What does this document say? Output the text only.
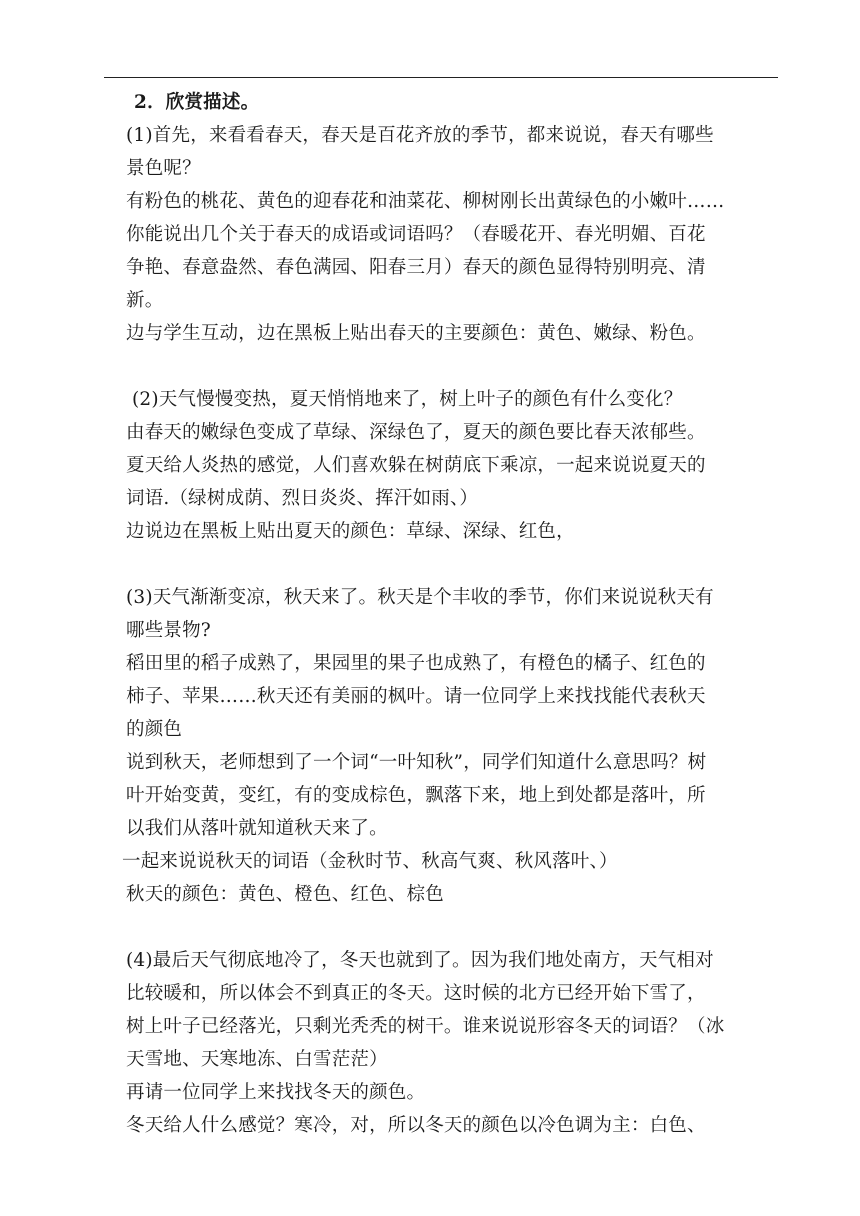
2．欣赏描述。
(1)首先，来看看春天，春天是百花齐放的季节，都来说说，春天有哪些
景色呢？
有粉色的桃花、黄色的迎春花和油菜花、柳树刚长出黄绿色的小嫩叶……
你能说出几个关于春天的成语或词语吗？（春暖花开、春光明媚、百花
争艳、春意盎然、春色满园、阳春三月）春天的颜色显得特别明亮、清
新。
边与学生互动，边在黑板上贴出春天的主要颜色：黄色、嫩绿、粉色。
(2)天气慢慢变热，夏天悄悄地来了，树上叶子的颜色有什么变化？
由春天的嫩绿色变成了草绿、深绿色了，夏天的颜色要比春天浓郁些。
夏天给人炎热的感觉，人们喜欢躲在树荫底下乘凉，一起来说说夏天的
词语.（绿树成荫、烈日炎炎、挥汗如雨、）
边说边在黑板上贴出夏天的颜色：草绿、深绿、红色，
(3)天气渐渐变凉，秋天来了。秋天是个丰收的季节，你们来说说秋天有
哪些景物?
稻田里的稻子成熟了，果园里的果子也成熟了，有橙色的橘子、红色的
柿子、苹果……秋天还有美丽的枫叶。请一位同学上来找找能代表秋天
的颜色
说到秋天，老师想到了一个词“一叶知秋”，同学们知道什么意思吗？树
叶开始变黄，变红，有的变成棕色，飘落下来，地上到处都是落叶，所
以我们从落叶就知道秋天来了。
一起来说说秋天的词语（金秋时节、秋高气爽、秋风落叶、）
秋天的颜色：黄色、橙色、红色、棕色
(4)最后天气彻底地冷了，冬天也就到了。因为我们地处南方，天气相对
比较暖和，所以体会不到真正的冬天。这时候的北方已经开始下雪了，
树上叶子已经落光，只剩光秃秃的树干。谁来说说形容冬天的词语？（冰
天雪地、天寒地冻、白雪茫茫）
再请一位同学上来找找冬天的颜色。
冬天给人什么感觉？寒冷，对，所以冬天的颜色以冷色调为主：白色、
